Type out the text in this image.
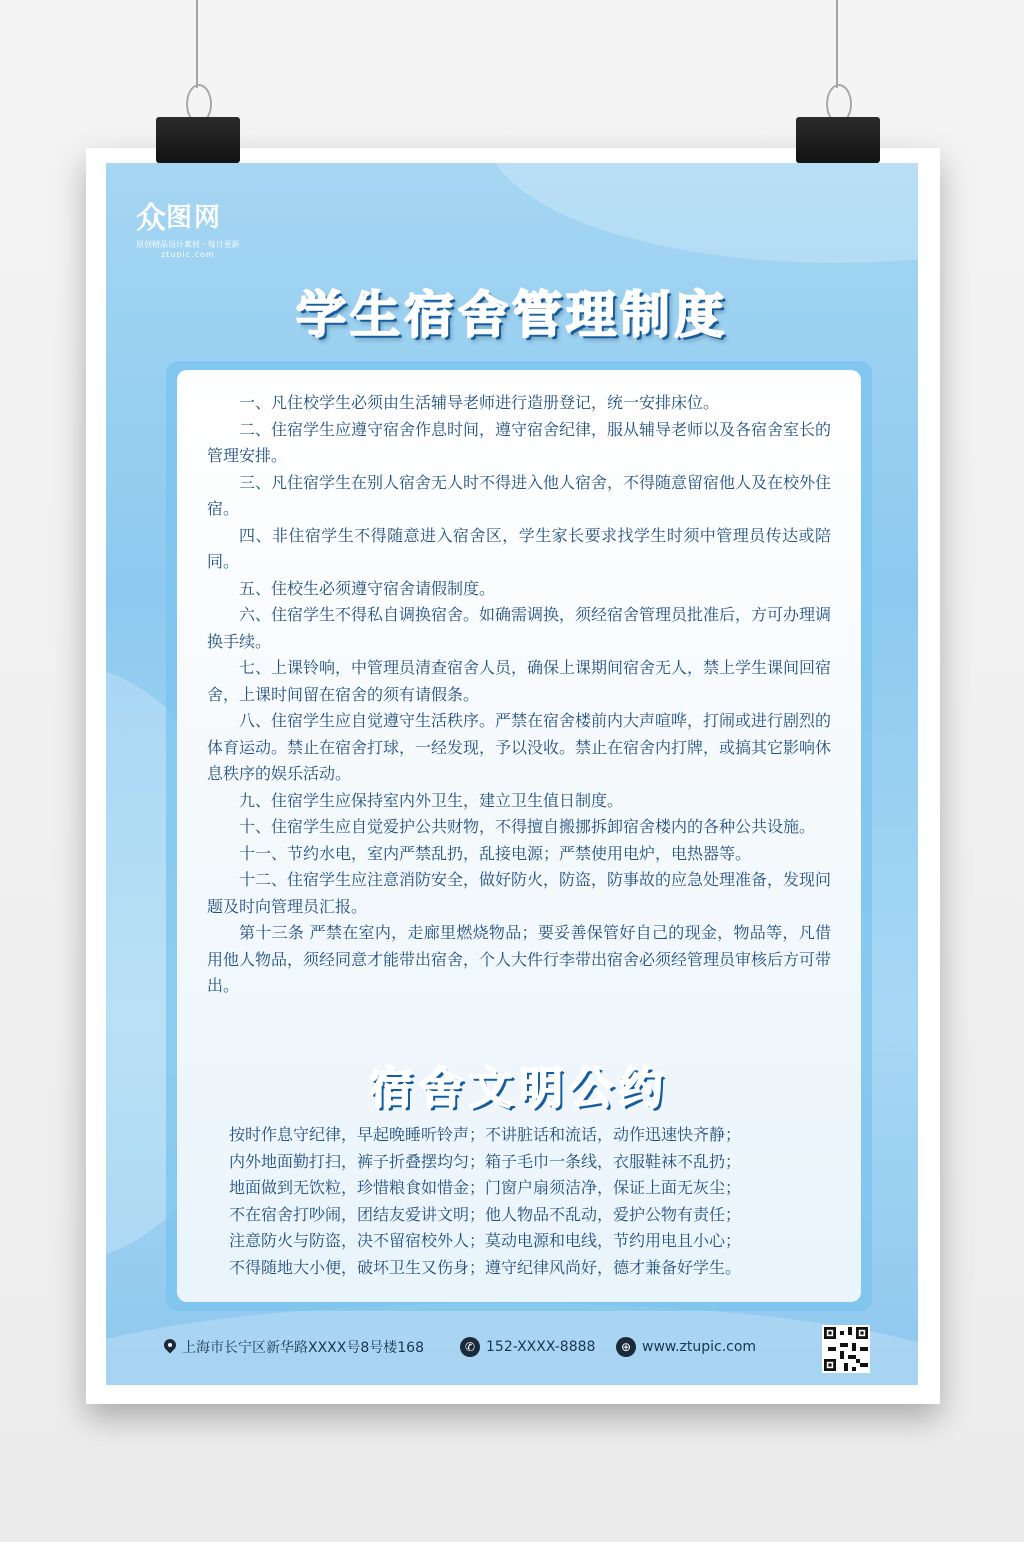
众 图网
原创精品设计素材 · 每日更新
ztupic.com
学生宿舍管理制度
一、凡住校学生必须由生活辅导老师进行造册登记，统一安排床位。
二、住宿学生应遵守宿舍作息时间，遵守宿舍纪律，服从辅导老师以及各宿舍室长的管理安排。
三、凡住宿学生在别人宿舍无人时不得进入他人宿舍，不得随意留宿他人及在校外住宿。
四、非住宿学生不得随意进入宿舍区，学生家长要求找学生时须中管理员传达或陪同。
五、住校生必须遵守宿舍请假制度。
六、住宿学生不得私自调换宿舍。如确需调换，须经宿舍管理员批准后，方可办理调换手续。
七、上课铃响，中管理员清查宿舍人员，确保上课期间宿舍无人，禁上学生课间回宿舍，上课时间留在宿舍的须有请假条。
八、住宿学生应自觉遵守生活秩序。严禁在宿舍楼前内大声喧哗，打闹或进行剧烈的体育运动。禁止在宿舍打球，一经发现，予以没收。禁止在宿舍内打牌，或搞其它影响休息秩序的娱乐活动。
九、住宿学生应保持室内外卫生，建立卫生值日制度。
十、住宿学生应自觉爱护公共财物，不得擅自搬挪拆卸宿舍楼内的各种公共设施。
十一、节约水电，室内严禁乱扔，乱接电源；严禁使用电炉，电热器等。
十二、住宿学生应注意消防安全，做好防火，防盗，防事故的应急处理准备，发现问题及时向管理员汇报。
第十三条 严禁在室内，走廊里燃烧物品；要妥善保管好自己的现金，物品等，凡借用他人物品，须经同意才能带出宿舍，个人大件行李带出宿舍必须经管理员审核后方可带出。
宿舍文明公约
按时作息守纪律，早起晚睡听铃声；不讲脏话和流话，动作迅速快齐静；
内外地面勤打扫，裤子折叠摆均匀；箱子毛巾一条线，衣服鞋袜不乱扔；
地面做到无饮粒，珍惜粮食如惜金；门窗户扇须洁净，保证上面无灰尘；
不在宿舍打吵闹，团结友爱讲文明；他人物品不乱动，爱护公物有责任；
注意防火与防盗，决不留宿校外人；莫动电源和电线，节约用电且小心；
不得随地大小便，破坏卫生又伤身；遵守纪律风尚好，德才兼备好学生。
上海市长宁区新华路XXXX号8号楼168	✆ 152-XXXX-8888	⊕ www.ztupic.com
